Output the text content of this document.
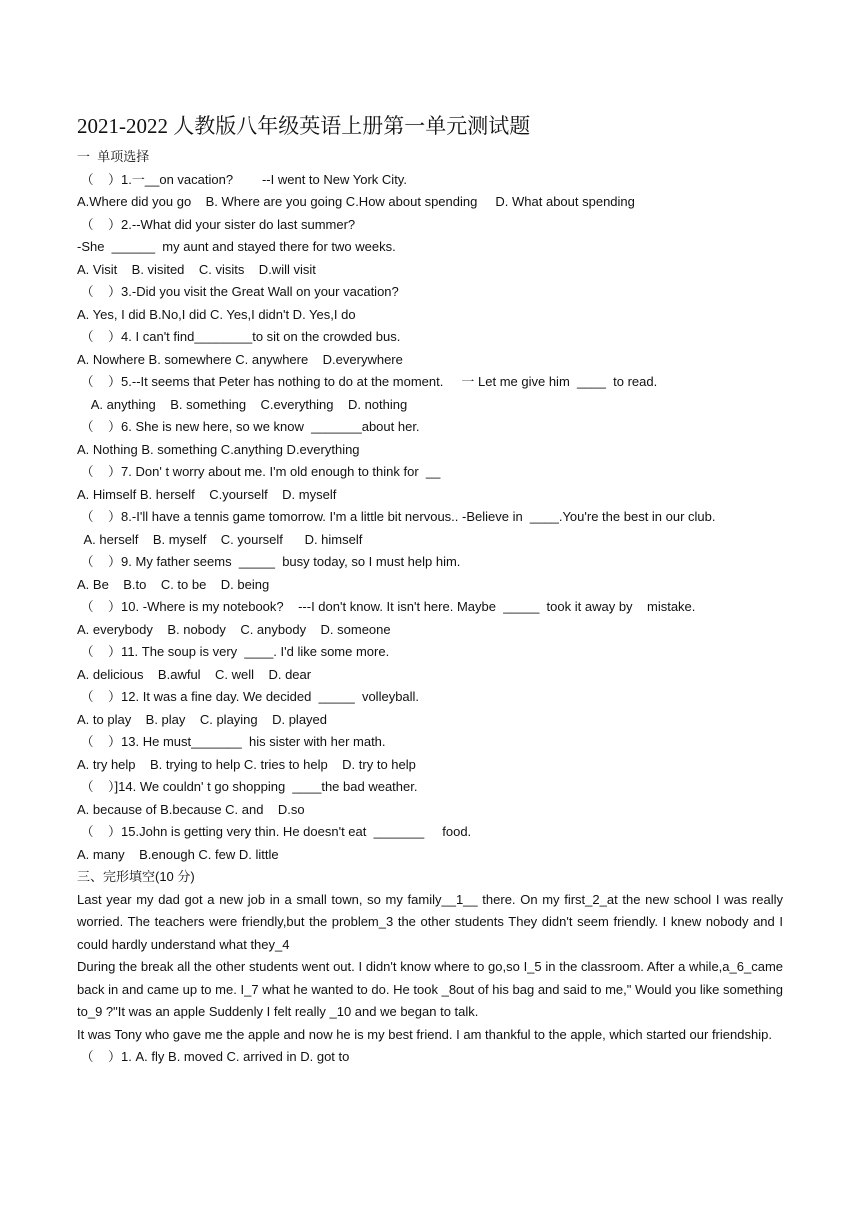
2021-2022 人教版八年级英语上册第一单元测试题

一  单项选择

（    ）1.一__on vacation?        --I went to New York City.

A.Where did you go    B. Where are you going C.How about spending     D. What about spending

（    ）2.--What did your sister do last summer?

-She  ______  my aunt and stayed there for two weeks.

A. Visit    B. visited    C. visits    D.will visit

（    ）3.-Did you visit the Great Wall on your vacation?

A. Yes, I did B.No,I did C. Yes,I didn't D. Yes,I do

（    ）4. I can't find________to sit on the crowded bus.

A. Nowhere B. somewhere C. anywhere    D.everywhere

（    ）5.--It seems that Peter has nothing to do at the moment.     一 Let me give him  ____  to read.

A. anything    B. something    C.everything    D. nothing

（    ）6. She is new here, so we know  _______about her.

A. Nothing B. something C.anything D.everything

（    ）7. Don' t worry about me. I'm old enough to think for  __

A. Himself B. herself    C.yourself    D. myself

（    ）8.-I'll have a tennis game tomorrow. I'm a little bit nervous.. -Believe in  ____.You're the best in our club.

A. herself    B. myself    C. yourself      D. himself

（    ）9. My father seems  _____  busy today, so I must help him.

A. Be    B.to    C. to be    D. being

（    ）10. -Where is my notebook?    ---I don't know. It isn't here. Maybe  _____  took it away by    mistake.

A. everybody    B. nobody    C. anybody    D. someone

（    ）11. The soup is very  ____. I'd like some more.

A. delicious    B.awful    C. well    D. dear

（    ）12. It was a fine day. We decided  _____  volleyball.

A. to play    B. play    C. playing    D. played

（    ）13. He must_______  his sister with her math.

A. try help    B. trying to help C. tries to help    D. try to help

（    ）]14. We couldn' t go shopping  ____the bad weather.

A. because of B.because C. and    D.so

（    ）15.John is getting very thin. He doesn't eat  _______     food.

A. many    B.enough C. few D. little

三、完形填空(10 分)

Last year my dad got a new job in a small town, so my family__1__ there. On my first_2_at the new school I was really worried. The teachers were friendly,but the problem_3 the other students They didn't seem friendly. I knew nobody and I could hardly understand what they_4

During the break all the other students went out. I didn't know where to go,so I_5 in the classroom. After a while,a_6_came back in and came up to me. I_7 what he wanted to do. He took _8out of his bag and said to me," Would you like something to_9 ?"It was an apple Suddenly I felt really _10 and we began to talk.

It was Tony who gave me the apple and now he is my best friend. I am thankful to the apple, which started our friendship.

（    ）1. A. fly B. moved C. arrived in D. got to
